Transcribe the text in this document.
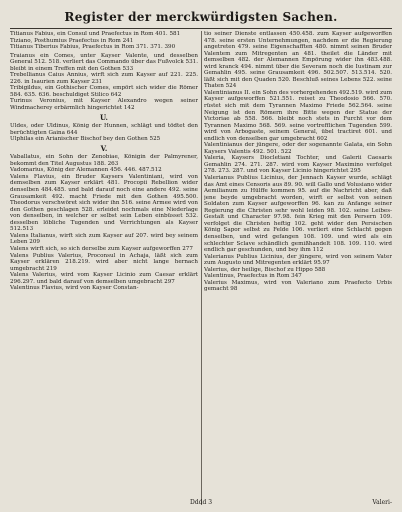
Register der merckwürdigsten Sachen.

Titianus Fabius, ein Consul und Praefectus in Rom 401. 581

Tiziano, Posthumius Praefectus in Rom 241

Titianus Tiberius Fabius, Praefectus in Rom 371. 371. 390

Traianus ein Comes, unter Kayser Valente, und desselben General 512. 518. verliert das Commando über das Fußvolck 531. bleibt in einem Treffen mit den Gothen 533

Trebellianus Caius Annius, wirft sich zum Kayser auf 221. 225. 226. in Isaurien zum Kayser 231

Tribigildus, ein Gothischer Comes, empört sich wider die Römer 584. 635. 636. beschuldiget Stilico 642

Turinus Veronius, mit Kayser Alexandro wegen seiner Windmacherey erbärmlich hingerichtet 142

U.

Uldes, oder Uldinus, König der Hunnen, schlägt und tödtet den berüchtigten Gaina 644

Ulphilas ein Arianischer Bischof bey den Gothen 525

V.

Vaballatus, ein Sohn der Zenobiae, Königin der Palmyrener, bekommt den Titel Augustus 188. 263

Vadomarius, König der Alemannen 456. 446. 487.512

Valens Flavius, ein Bruder Kaysers Valentiniani, wird von demselben zum Kayser erklärt 481. Procopii Rebellion wider denselben 484.485. und bald darauf noch eine andere 492. seine Grausamkeit 492. macht Friede mit den Gothen 495.500. Theodorus verschwöret sich wider ihn 516. seine Armee wird von den Gothen geschlagen 528. erleidet nochmals eine Niederlage von denselben, in welcher er selbst sein Leben einbüsset 532. desselben löbliche Tugenden und Verrichtungen als Kayser 512.513

Valens Italianus, wirft sich zum Kayser auf 207. wird bey seinem Leben 209

Valens wirft sich, so sich derselbe zum Kayser aufgeworffen 277

Valens Publius Valerius, Proconsul in Achaja, läßt sich zum Kayser erklären 218.219. wird aber nicht lange hernach umgebracht 219

Valens Valerius, wird vom Kayser Licinio zum Caesar erklärt 296.297. und bald darauf von demselben umgebracht 297

Valentinus Flavius, wird von Kayser Constan-

tio seiner Dienste entlassen 450.458. zum Kayser aufgeworffen 478. seine ersten Unternehmungen, nachdem er die Regierung angetreten 479. seine Eigenschafften 480. nimmt seinen Bruder Valentem zum Mitregenten an 481. theilet die Länder mit demselben 482. der Alemannen Empörung wider ihn 483.488. wird kranck 494. nimmt über die Severam noch die Iustinam zur Gemahlin 495. seine Grausamkeit 496. 502.507. 513.514. 520. läßt sich mit den Quaden 520. Beschluß seines Lebens 522. seine Thaten 524

Valentinianus II. ein Sohn des vorhergehenden 492.519. wird zum Kayser aufgeworffen 521.551. reiset zu Theodosio 566. 570. rüstet sich mit dem Tyrannen Maximo Friede 562.564. seine Neigung ist den Römern ihre Bitte wegen der Statue der Victoriae ab 558. 566. bleibt noch stets in Furcht vor dem Tyrannen Maximo 568. 569. seine vortrefflichen Tugenden 599. wird von Arbogaste, seinem General, übel tractiret 601. und endlich von denselben gar umgebracht 602

Valentinianus der jüngere, oder der sogenannte Galata, ein Sohn Kaysers Valentis 492. 501. 522

Valeria, Kaysers Diocletiani Tochter, und Galerii Caesaris Gemahlin 274. 271. 287. wird vom Kayser Maximino verfolget 278. 273. 287. und von Kayser Licinio hingerichtet 295

Valerianus Publius Licinius, der Jennach Kayser wurde, schlägt das Amt eines Censoris aus 89. 90. will Gallo und Volusiano wider Aemilianum zu Hülffe kommen 95. auf die Nachricht aber, daß jene beyde umgebracht worden, wirft er selbst von seinen Soldaten zum Kayser aufgeworffen 96. kan zu Anfange seiner Regierung die Christen sehr wohl leiden 98. 102. seine Leibes-Gestalt und Character 97.98. fein Krieg mit den Persern 109. verfolget die Christen heftig 102. geht wider den Persischen König Sapor selbst zu Felde 106. verliert eine Schlacht gegen denselben, und wird gefangen 108. 109. und wird als ein schlechter Sclave schändlich gemißhandelt 108. 109. 110. wird endlich gar geschunden, und bey ihm 112

Valerianus Publius Licinius, der jüngere, wird von seinem Vater zum Augusto und Mitregenten erklärt 95.97

Valerius, der heilige, Bischof zu Hippo 588

Valentinus, Praefectus in Rom 347

Valerius Maximus, wird von Valeriano zum Praefecto Urbis gemacht 98

Dddd 3	Valeri-
